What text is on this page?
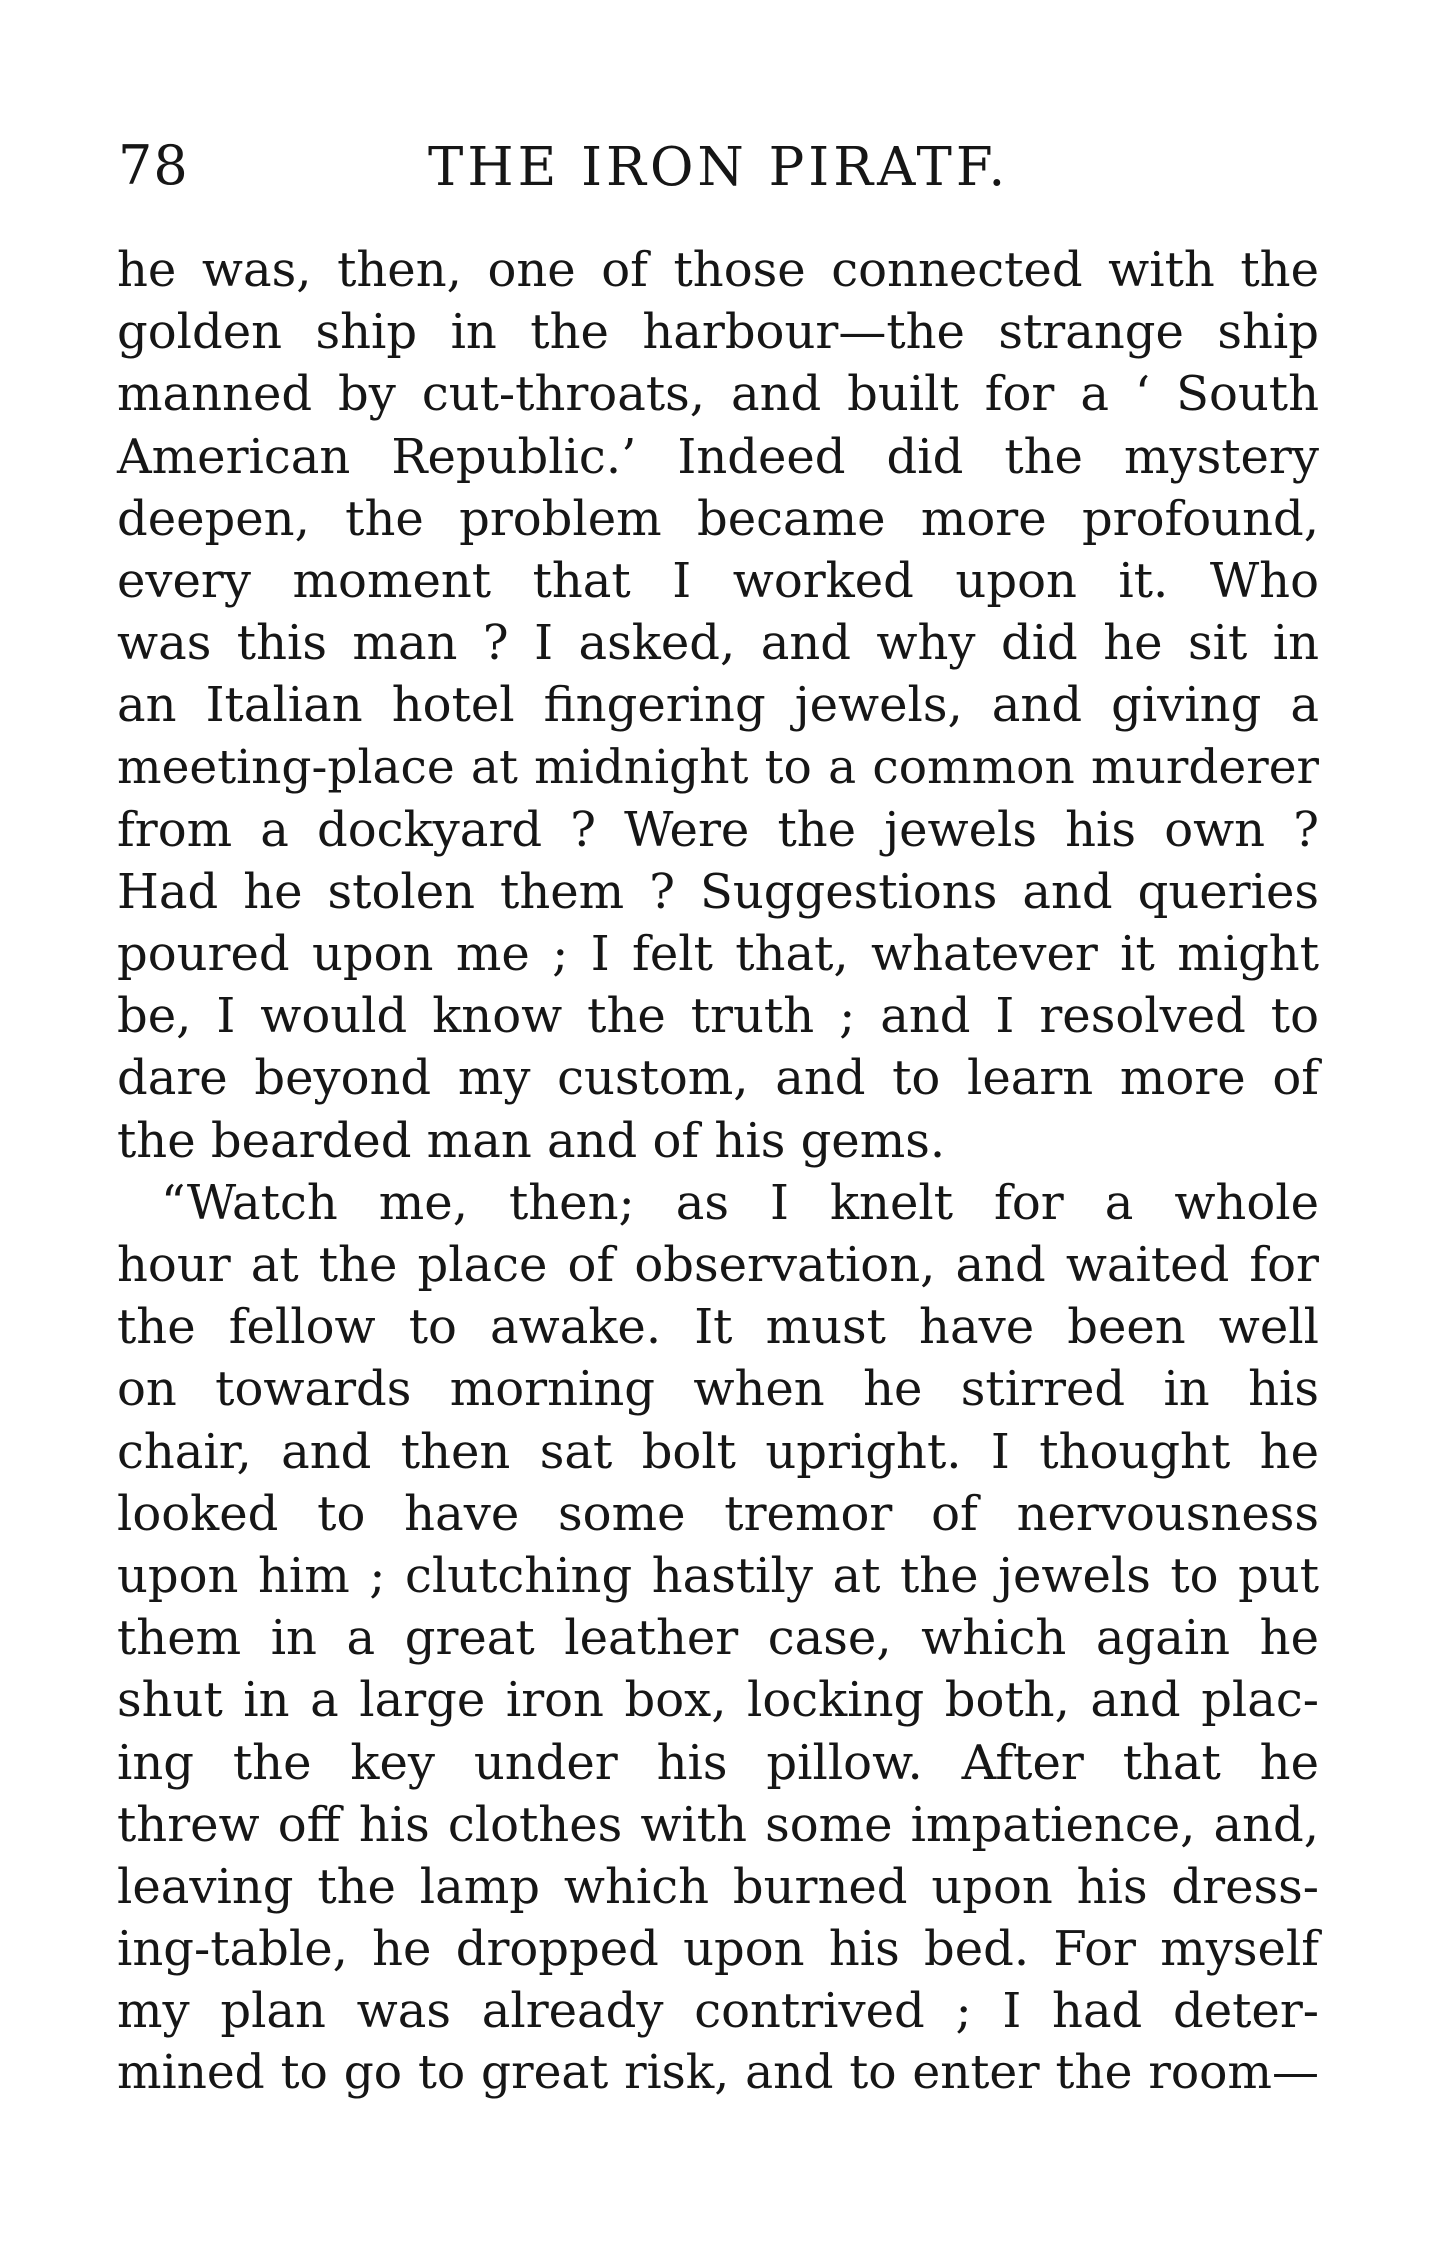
78	THE IRON PIRATF.
he was, then, one of those connected with the
golden ship in the harbour—the strange ship
manned by cut-throats, and built for a ‘ South
American Republic.’ Indeed did the mystery
deepen, the problem became more profound,
every moment that I worked upon it. Who
was this man ? I asked, and why did he sit in
an Italian hotel fingering jewels, and giving a
meeting-place at midnight to a common murderer
from a dockyard ? Were the jewels his own ?
Had he stolen them ? Suggestions and queries
poured upon me ; I felt that, whatever it might
be, I would know the truth ; and I resolved to
dare beyond my custom, and to learn more of
the bearded man and of his gems.
“Watch me, then; as I knelt for a whole
hour at the place of observation, and waited for
the fellow to awake. It must have been well
on towards morning when he stirred in his
chair, and then sat bolt upright. I thought he
looked to have some tremor of nervousness
upon him ; clutching hastily at the jewels to put
them in a great leather case, which again he
shut in a large iron box, locking both, and plac-
ing the key under his pillow. After that he
threw off his clothes with some impatience, and,
leaving the lamp which burned upon his dress-
ing-table, he dropped upon his bed. For myself
my plan was already contrived ; I had deter-
mined to go to great risk, and to enter the room—
